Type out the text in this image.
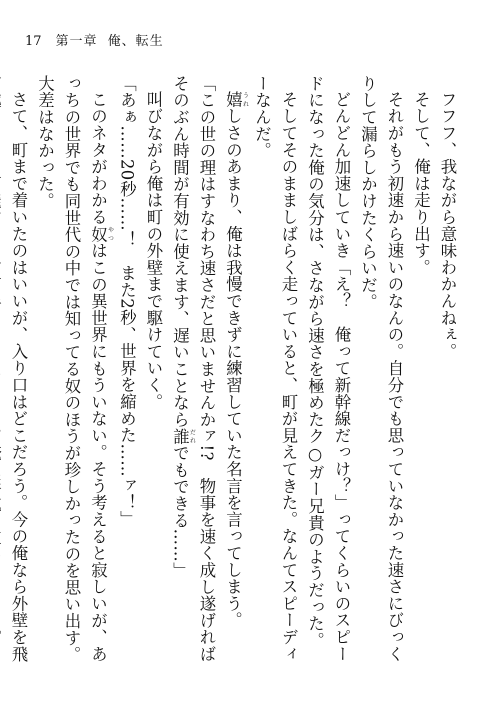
17 第一章 俺、転生

フフフ、我ながら意味わかんねぇ。

そして、俺は走り出す。

それがもう初速から速いのなんの。自分でも思っていなかった速さにびっくりして漏らしかけたくらいだ。

どんどん加速していき「え？　俺って新幹線だっけ？」ってくらいのスピードになった俺の気分は、さながら速さを極めたク○ガー兄貴のようだった。

そしてそのまましばらく走っていると、町が見えてきた。なんてスピーディーなんだ。

嬉 うれしさのあまり、俺は我慢できずに練習していた名言を言ってしまう。

「この世の理はすなわち速さだと思いませんかァ!?　物事を速く成し遂げればそのぶん時間が有効に使えます、遅いことなら誰 だれでもできる……」

叫びながら俺は町の外壁まで駆けていく。

「あぁ……20秒……！　また2秒、世界を縮めた……ァ！」

このネタがわかる奴 やつはこの異世界にもういない。そう考えると寂しいが、あっちの世界でも同世代の中では知ってる奴のほうが珍しかったのを思い出す。大差はなかった。

さて、町まで着いたのはいいが、入り口はどこだろう。今の俺なら外壁を飛
